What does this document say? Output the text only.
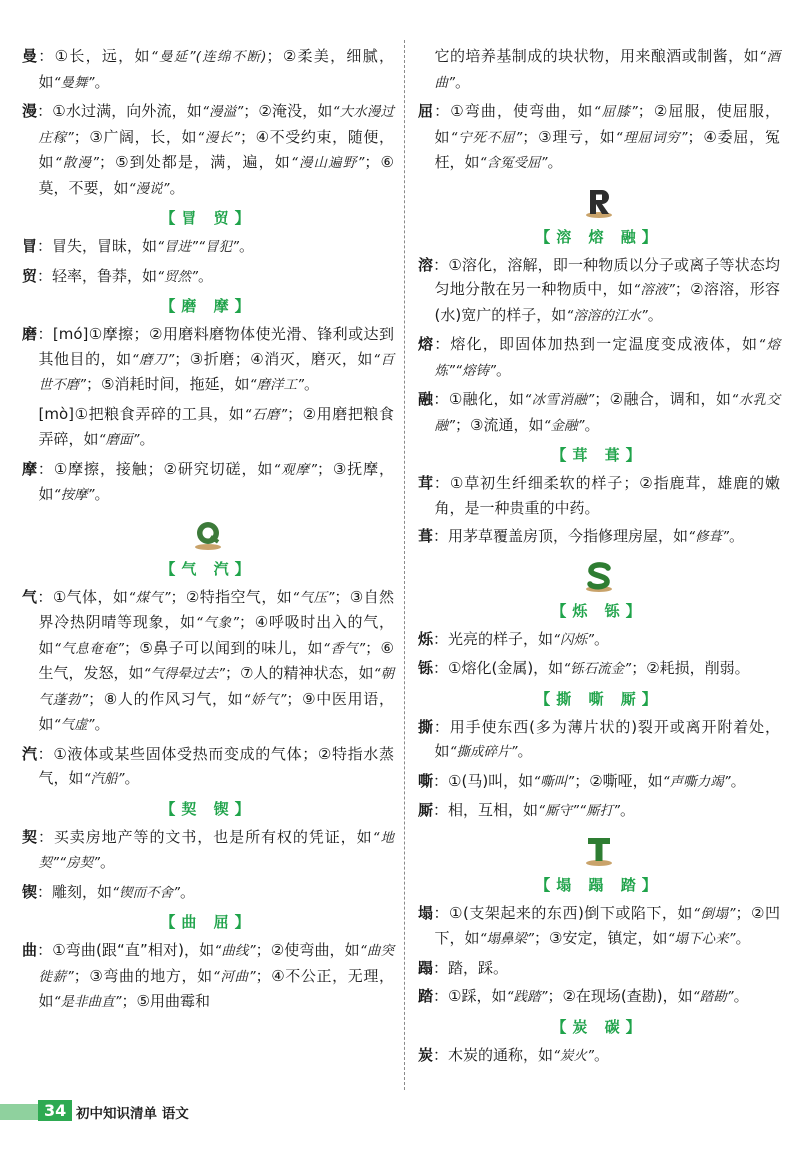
曼：①长，远，如“曼延”(连绵不断)；②柔美，细腻，如“曼舞”。
漫：①水过满，向外流，如“漫溢”；②淹没，如“大水漫过庄稼”；③广阔，长，如“漫长”；④不受约束，随便，如“散漫”；⑤到处都是，满，遍，如“漫山遍野”；⑥莫，不要，如“漫说”。
【冒 贸】
冒：冒失，冒昧，如“冒进”“冒犯”。
贸：轻率，鲁莽，如“贸然”。
【磨 摩】
磨：[mó]①摩擦；②用磨料磨物体使光滑、锋利或达到其他目的，如“磨刀”；③折磨；④消灭，磨灭，如“百世不磨”；⑤消耗时间，拖延，如“磨洋工”。
[mò]①把粮食弄碎的工具，如“石磨”；②用磨把粮食弄碎，如“磨面”。
摩：①摩擦，接触；②研究切磋，如“观摩”；③抚摩，如“按摩”。
【气 汽】
气：①气体，如“煤气”；②特指空气，如“气压”；③自然界冷热阴晴等现象，如“气象”；④呼吸时出入的气，如“气息奄奄”；⑤鼻子可以闻到的味儿，如“香气”；⑥生气，发怒，如“气得晕过去”；⑦人的精神状态，如“朝气蓬勃”；⑧人的作风习气，如“娇气”；⑨中医用语，如“气虚”。
汽：①液体或某些固体受热而变成的气体；②特指水蒸气，如“汽船”。
【契 锲】
契：买卖房地产等的文书，也是所有权的凭证，如“地契”“房契”。
锲：雕刻，如“锲而不舍”。
【曲 屈】
曲：①弯曲(跟“直”相对)，如“曲线”；②使弯曲，如“曲突徙薪”；③弯曲的地方，如“河曲”；④不公正，无理，如“是非曲直”；⑤用曲霉和
它的培养基制成的块状物，用来酿酒或制酱，如“酒曲”。
屈：①弯曲，使弯曲，如“屈膝”；②屈服，使屈服，如“宁死不屈”；③理亏，如“理屈词穷”；④委屈，冤枉，如“含冤受屈”。
【溶 熔 融】
溶：①溶化，溶解，即一种物质以分子或离子等状态均匀地分散在另一种物质中，如“溶液”；②溶溶，形容(水)宽广的样子，如“溶溶的江水”。
熔：熔化，即固体加热到一定温度变成液体，如“熔炼”“熔铸”。
融：①融化，如“冰雪消融”；②融合，调和，如“水乳交融”；③流通，如“金融”。
【茸 葺】
茸：①草初生纤细柔软的样子；②指鹿茸，雄鹿的嫩角，是一种贵重的中药。
葺：用茅草覆盖房顶，今指修理房屋，如“修葺”。
【烁 铄】
烁：光亮的样子，如“闪烁”。
铄：①熔化(金属)，如“铄石流金”；②耗损，削弱。
【撕 嘶 厮】
撕：用手使东西(多为薄片状的)裂开或离开附着处，如“撕成碎片”。
嘶：①(马)叫，如“嘶叫”；②嘶哑，如“声嘶力竭”。
厮：相，互相，如“厮守”“厮打”。
【塌 蹋 踏】
塌：①(支架起来的东西)倒下或陷下，如“倒塌”；②凹下，如“塌鼻梁”；③安定，镇定，如“塌下心来”。
蹋：踏，踩。
踏：①踩，如“践踏”；②在现场(查勘)，如“踏勘”。
【炭 碳】
炭：木炭的通称，如“炭火”。
34 初中知识清单 语文
